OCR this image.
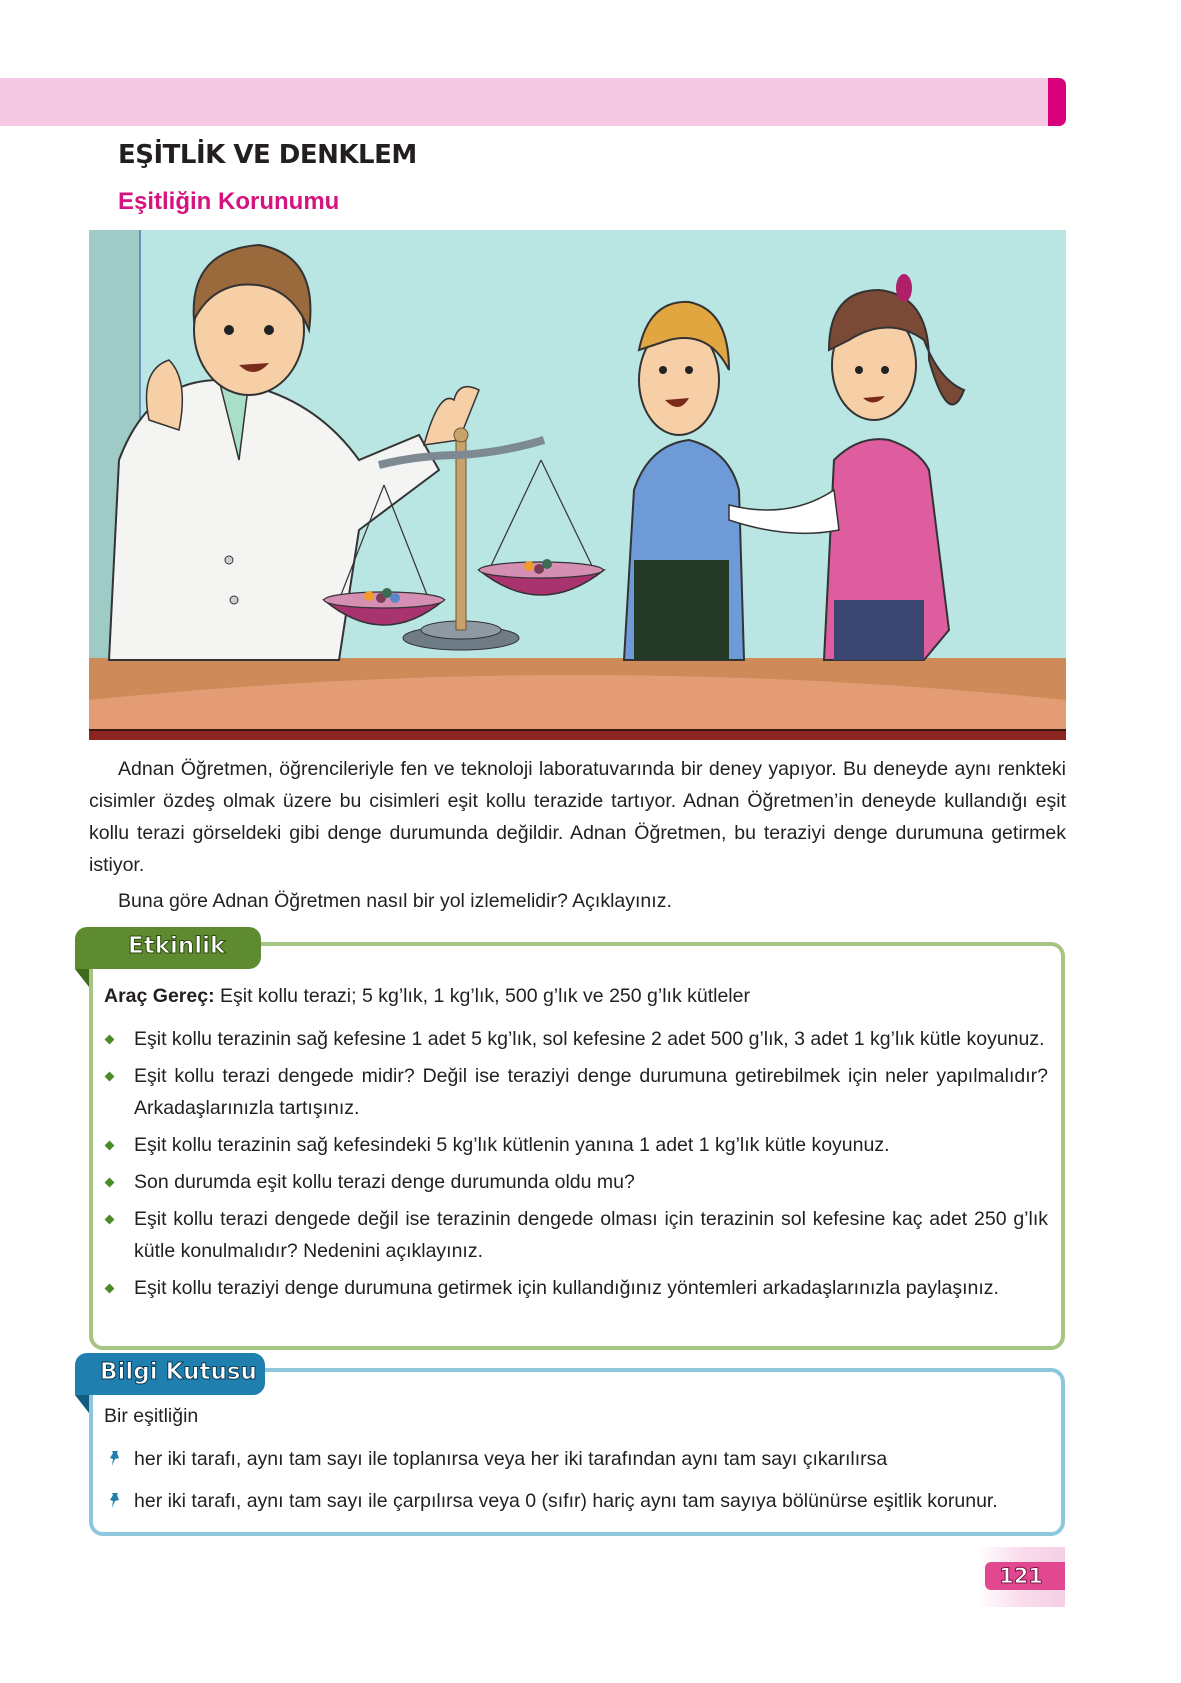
EŞİTLİK VE DENKLEM
Eşitliğin Korunumu

Adnan Öğretmen, öğrencileriyle fen ve teknoloji laboratuvarında bir deney yapıyor. Bu deneyde aynı renkteki cisimler özdeş olmak üzere bu cisimleri eşit kollu terazide tartıyor. Adnan Öğretmen’in deneyde kullandığı eşit kollu terazi görseldeki gibi denge durumunda değildir. Adnan Öğretmen, bu teraziyi denge durumuna getirmek istiyor.

Buna göre Adnan Öğretmen nasıl bir yol izlemelidir? Açıklayınız.
Etkinlik
Araç Gereç: Eşit kollu terazi; 5 kg’lık, 1 kg’lık, 500 g’lık ve 250 g’lık kütleler
Eşit kollu terazinin sağ kefesine 1 adet 5 kg’lık, sol kefesine 2 adet 500 g’lık, 3 adet 1 kg’lık kütle koyunuz.
Eşit kollu terazi dengede midir? Değil ise teraziyi denge durumuna getirebilmek için neler yapılmalıdır? Arkadaşlarınızla tartışınız.
Eşit kollu terazinin sağ kefesindeki 5 kg’lık kütlenin yanına 1 adet 1 kg’lık kütle koyunuz.
Son durumda eşit kollu terazi denge durumunda oldu mu?
Eşit kollu terazi dengede değil ise terazinin dengede olması için terazinin sol kefesine kaç adet 250 g’lık kütle konulmalıdır? Nedenini açıklayınız.
Eşit kollu teraziyi denge durumuna getirmek için kullandığınız yöntemleri arkadaşlarınızla paylaşınız.
Bilgi Kutusu
Bir eşitliğin
her iki tarafı, aynı tam sayı ile toplanırsa veya her iki tarafından aynı tam sayı çıkarılırsa
her iki tarafı, aynı tam sayı ile çarpılırsa veya 0 (sıfır) hariç aynı tam sayıya bölünürse eşitlik korunur.
121
